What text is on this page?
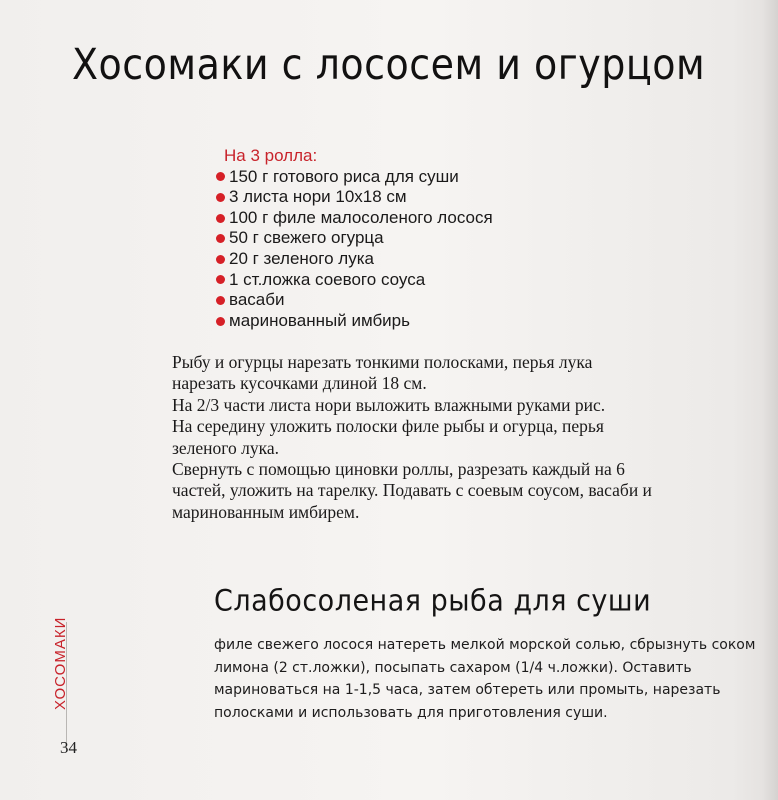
Хосомаки с лососем и огурцом
На 3 ролла:
150 г готового риса для суши
3 листа нори 10х18 см
100 г филе малосоленого лосося
50 г свежего огурца
20 г зеленого лука
1 ст.ложка соевого соуса
васаби
маринованный имбирь

Рыбу и огурцы нарезать тонкими полосками, перья лука нарезать кусочками длиной 18 см.

На 2/3 части листа нори выложить влажными руками рис.

На середину уложить полоски филе рыбы и огурца, перья зеленого лука.

Свернуть с помощью циновки роллы, разрезать каждый на 6 частей, уложить на тарелку. Подавать с соевым соусом, васаби и маринованным имбирем.

Слабосоленая рыба для суши
филе свежего лосося натереть мелкой морской солью, сбрызнуть соком лимона (2 ст.ложки), посыпать сахаром (1/4 ч.ложки). Оставить мариноваться на 1-1,5 часа, затем обтереть или промыть, нарезать полосками и использовать для приготовления суши.
ХОСОМАКИ
34
